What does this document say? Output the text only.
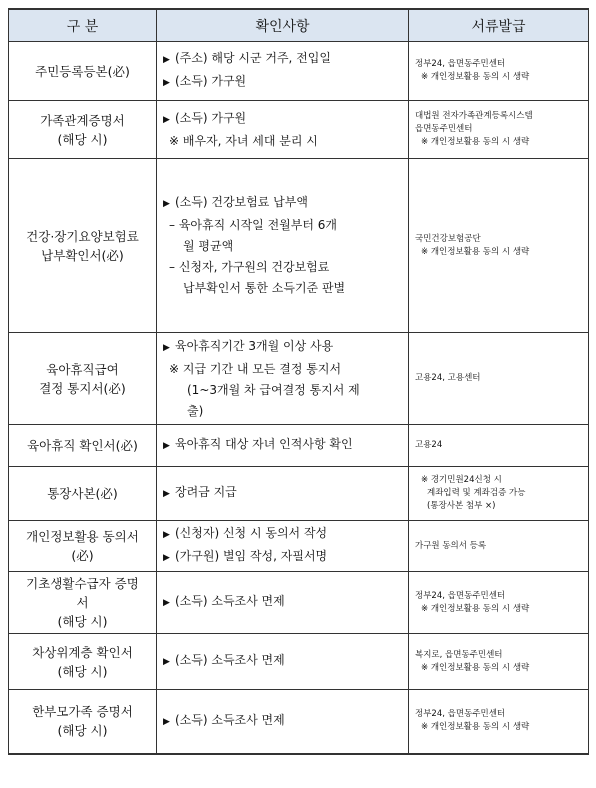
구 분	확인사항	서류발급

주민등록등본(必)	▶ (주소) 해당 시군 거주, 전입일
▶ (소득) 가구원	정부24, 읍면동주민센터
※ 개인정보활용 동의 시 생략

가족관계증명서
(해당 시)	▶ (소득) 가구원
※ 배우자, 자녀 세대 분리 시	대법원 전자가족관계등록시스템
읍면동주민센터
※ 개인정보활용 동의 시 생략

건강·장기요양보험료
납부확인서(必)	▶ (소득) 건강보험료 납부액
– 육아휴직 시작일 전월부터 6개
월 평균액
– 신청자, 가구원의 건강보험료
납부확인서 통한 소득기준 판별	국민건강보험공단
※ 개인정보활용 동의 시 생략

육아휴직급여
결정 통지서(必)	▶ 육아휴직기간 3개월 이상 사용
※ 지급 기간 내 모든 결정 통지서
(1~3개월 차 급여결정 통지서 제
출)	고용24, 고용센터

육아휴직 확인서(必)	▶ 육아휴직 대상 자녀 인적사항 확인	고용24

통장사본(必)	▶ 장려금 지급	※ 경기민원24신청 시
계좌입력 및 계좌검증 가능
(통장사본 첨부 ×)

개인정보활용 동의서
(必)	▶ (신청자) 신청 시 동의서 작성
▶ (가구원) 별임 작성, 자필서명	가구원 동의서 등록

기초생활수급자 증명
서
(해당 시)	▶ (소득) 소득조사 면제	정부24, 읍면동주민센터
※ 개인정보활용 동의 시 생략

차상위계층 확인서
(해당 시)	▶ (소득) 소득조사 면제	복지로, 읍면동주민센터
※ 개인정보활용 동의 시 생략

한부모가족 증명서
(해당 시)	▶ (소득) 소득조사 면제	정부24, 읍면동주민센터
※ 개인정보활용 동의 시 생략
